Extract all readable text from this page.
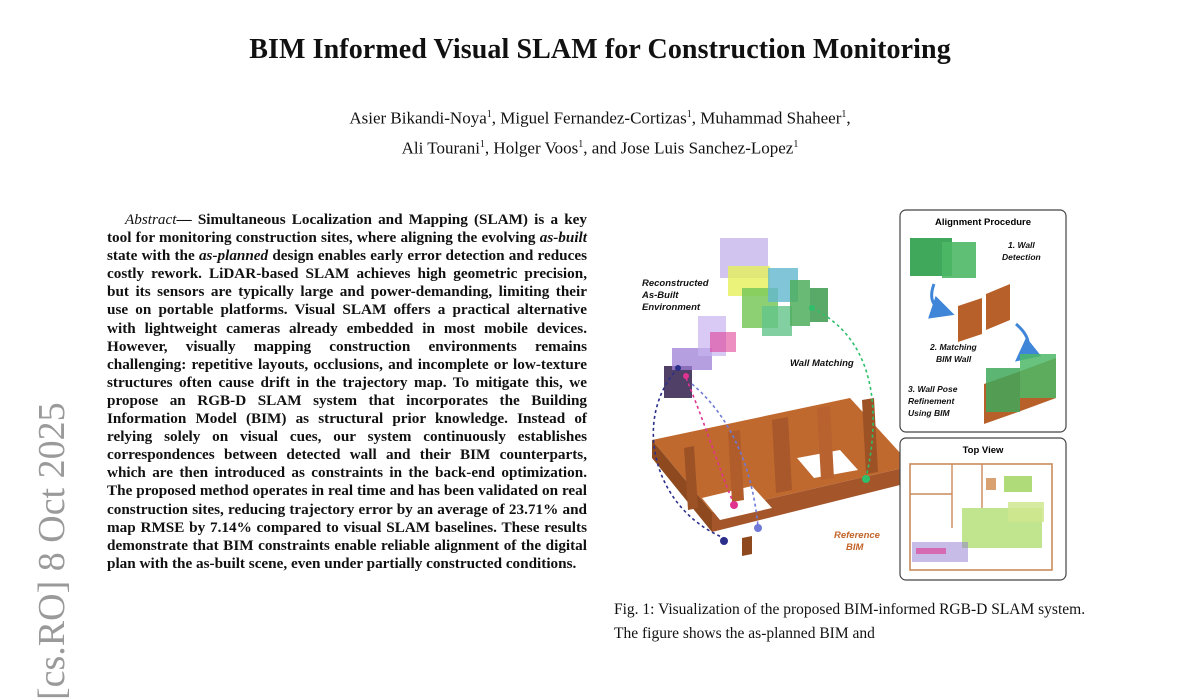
BIM Informed Visual SLAM for Construction Monitoring
Asier Bikandi-Noya$^1$, Miguel Fernandez-Cortizas$^1$, Muhammad Shaheer$^1$,
Ali Tourani$^1$, Holger Voos$^1$, and Jose Luis Sanchez-Lopez$^1$
[cs.RO] 8 Oct 2025

Abstract— Simultaneous Localization and Mapping (SLAM) is a key tool for monitoring construction sites, where aligning the evolving as-built state with the as-planned design enables early error detection and reduces costly rework. LiDAR-based SLAM achieves high geometric precision, but its sensors are typically large and power-demanding, limiting their use on portable platforms. Visual SLAM offers a practical alternative with lightweight cameras already embedded in most mobile devices. However, visually mapping construction environments remains challenging: repetitive layouts, occlusions, and incomplete or low-texture structures often cause drift in the trajectory map. To mitigate this, we propose an RGB-D SLAM system that incorporates the Building Information Model (BIM) as structural prior knowledge. Instead of relying solely on visual cues, our system continuously establishes correspondences between detected wall and their BIM counterparts, which are then introduced as constraints in the back-end optimization. The proposed method operates in real time and has been validated on real construction sites, reducing trajectory error by an average of 23.71% and map RMSE by 7.14% compared to visual SLAM baselines. These results demonstrate that BIM constraints enable reliable alignment of the digital plan with the as-built scene, even under partially constructed conditions.

Reconstructed
As-Built
Environment
Wall Matching
Reference
BIM
Alignment Procedure
1. Wall
Detection
2. Matching
BIM Wall
3. Wall Pose
Refinement
Using BIM
Top View
Fig. 1: Visualization of the proposed BIM-informed RGB-D SLAM system. The figure shows the as-planned BIM and
